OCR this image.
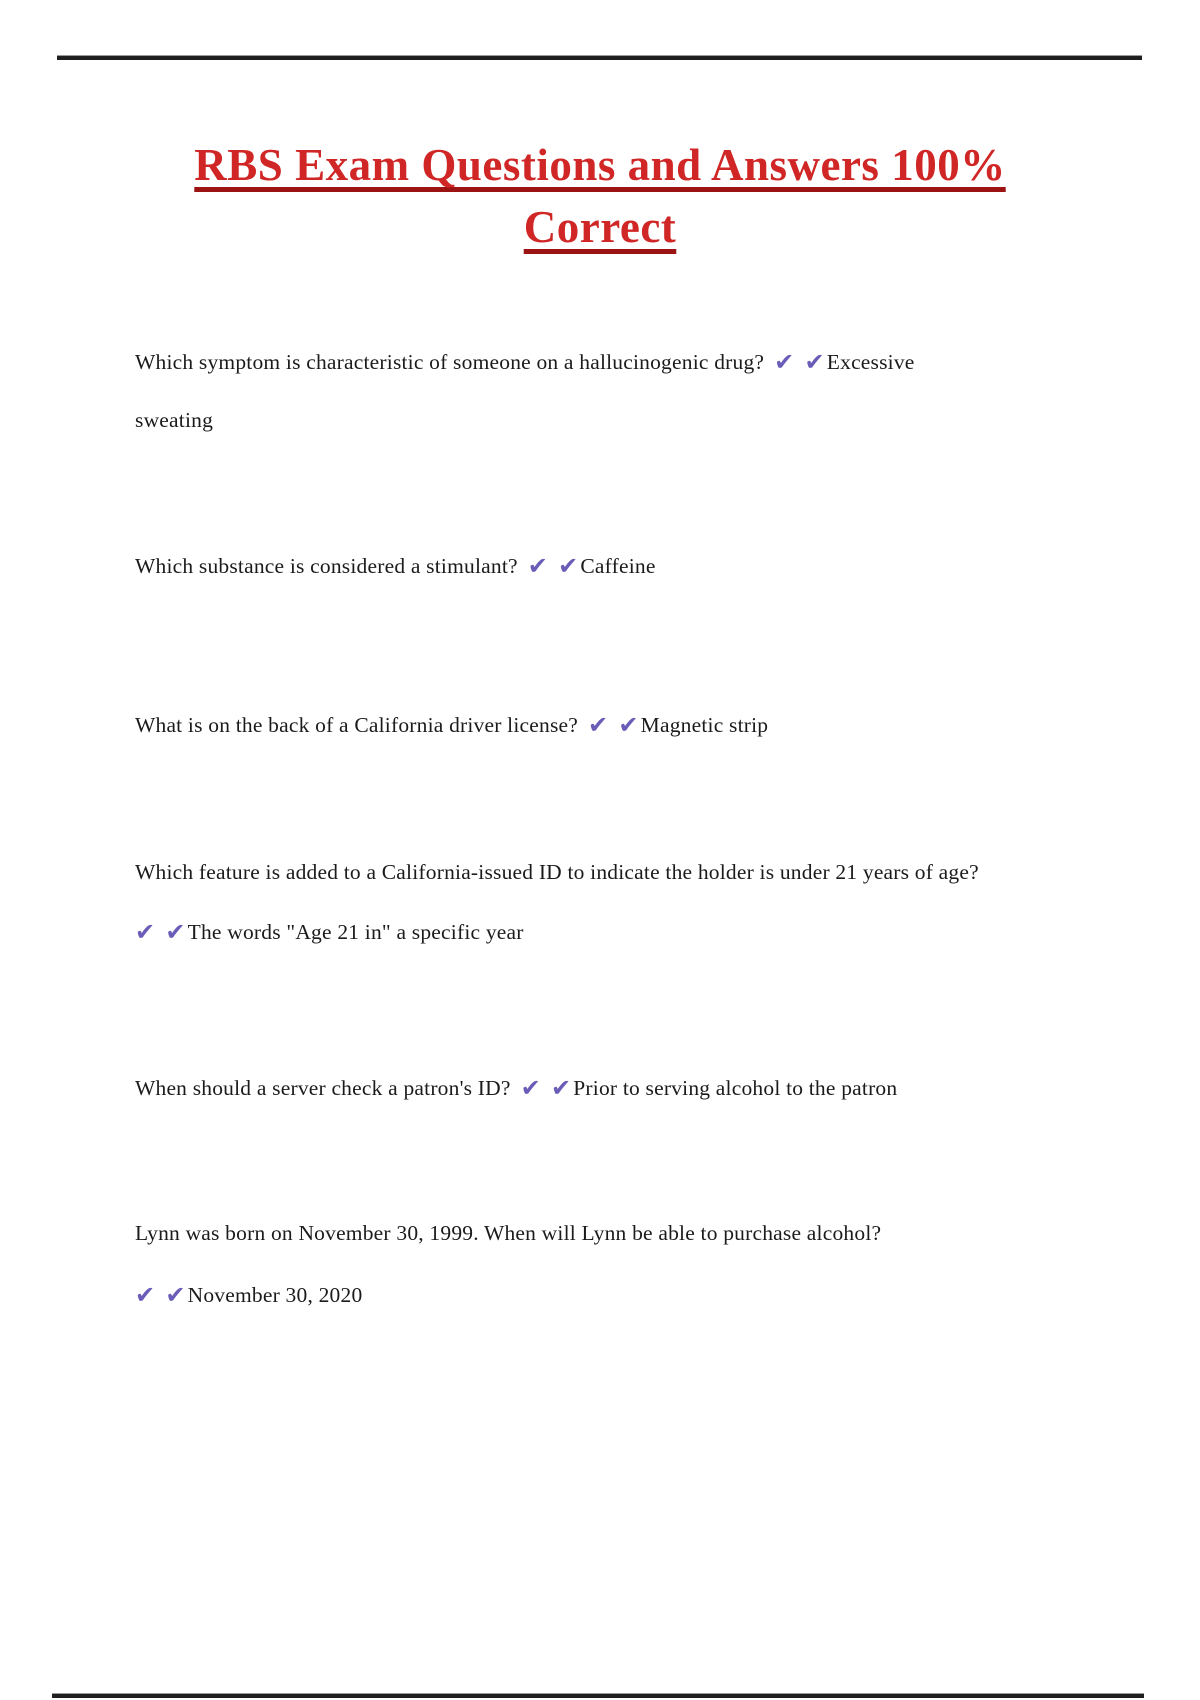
RBS Exam Questions and Answers 100%
Correct
Which symptom is characteristic of someone on a hallucinogenic drug? ✔ ✔Excessive
sweating
Which substance is considered a stimulant? ✔ ✔Caffeine
What is on the back of a California driver license? ✔ ✔Magnetic strip
Which feature is added to a California-issued ID to indicate the holder is under 21 years of age?
✔ ✔The words "Age 21 in" a specific year
When should a server check a patron's ID? ✔ ✔Prior to serving alcohol to the patron
Lynn was born on November 30, 1999. When will Lynn be able to purchase alcohol?
✔ ✔November 30, 2020
